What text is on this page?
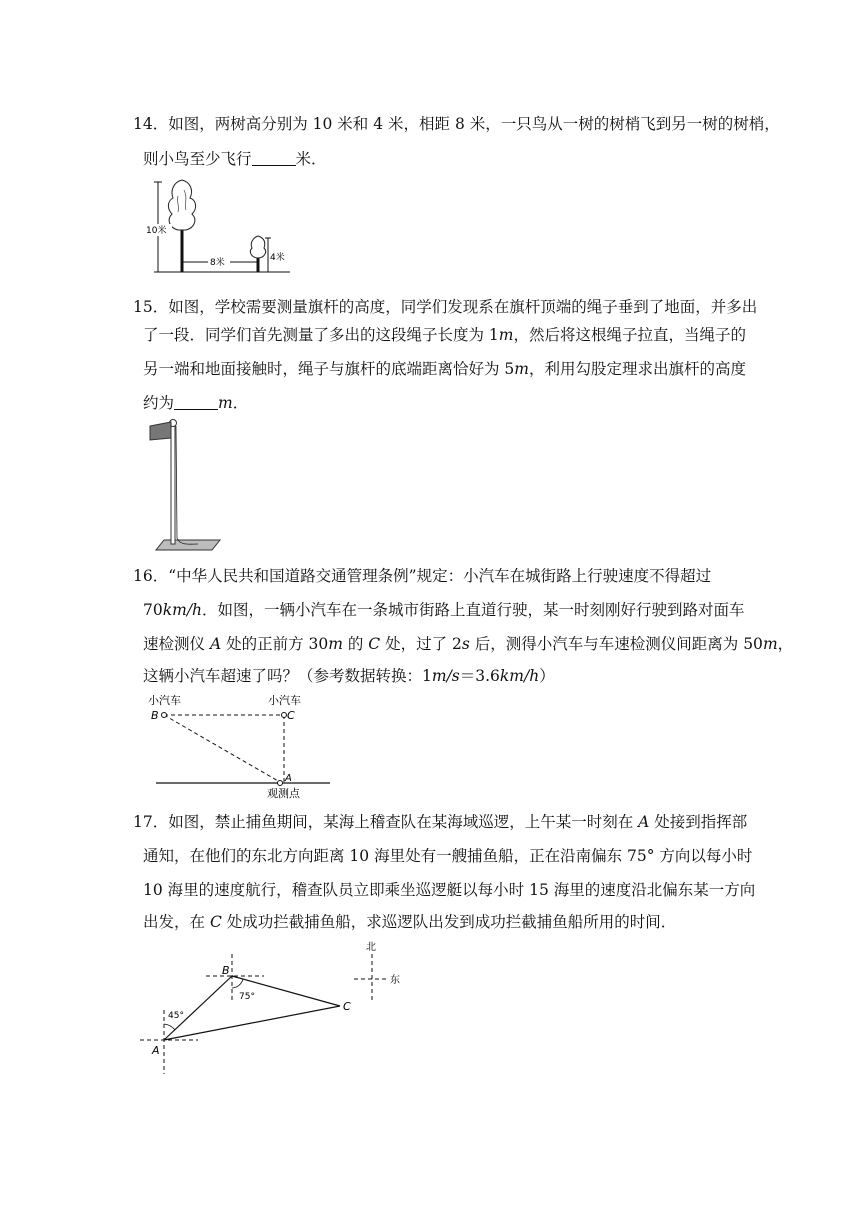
14．如图，两树高分别为 10 米和 4 米，相距 8 米，一只鸟从一树的树梢飞到另一树的树梢，
则小鸟至少飞行	米．
10米
8米	4米
15．如图，学校需要测量旗杆的高度，同学们发现系在旗杆顶端的绳子垂到了地面，并多出
了一段．同学们首先测量了多出的这段绳子长度为 1m，然后将这根绳子拉直，当绳子的
另一端和地面接触时，绳子与旗杆的底端距离恰好为 5m，利用勾股定理求出旗杆的高度
约为	m．
16．“中华人民共和国道路交通管理条例”规定：小汽车在城街路上行驶速度不得超过
70km/h．如图，一辆小汽车在一条城市街路上直道行驶，某一时刻刚好行驶到路对面车
速检测仪 A 处的正前方 30m 的 C 处，过了 2s 后，测得小汽车与车速检测仪间距离为 50m，
这辆小汽车超速了吗？（参考数据转换：1m/s＝3.6km/h）
小汽车	小汽车
B	C
A
观测点
17．如图，禁止捕鱼期间，某海上稽查队在某海域巡逻，上午某一时刻在 A 处接到指挥部
通知，在他们的东北方向距离 10 海里处有一艘捕鱼船，正在沿南偏东 75° 方向以每小时
10 海里的速度航行，稽查队员立即乘坐巡逻艇以每小时 15 海里的速度沿北偏东某一方向
出发，在 C 处成功拦截捕鱼船，求巡逻队出发到成功拦截捕鱼船所用的时间．
A
B
C
45°
75°
北
东
